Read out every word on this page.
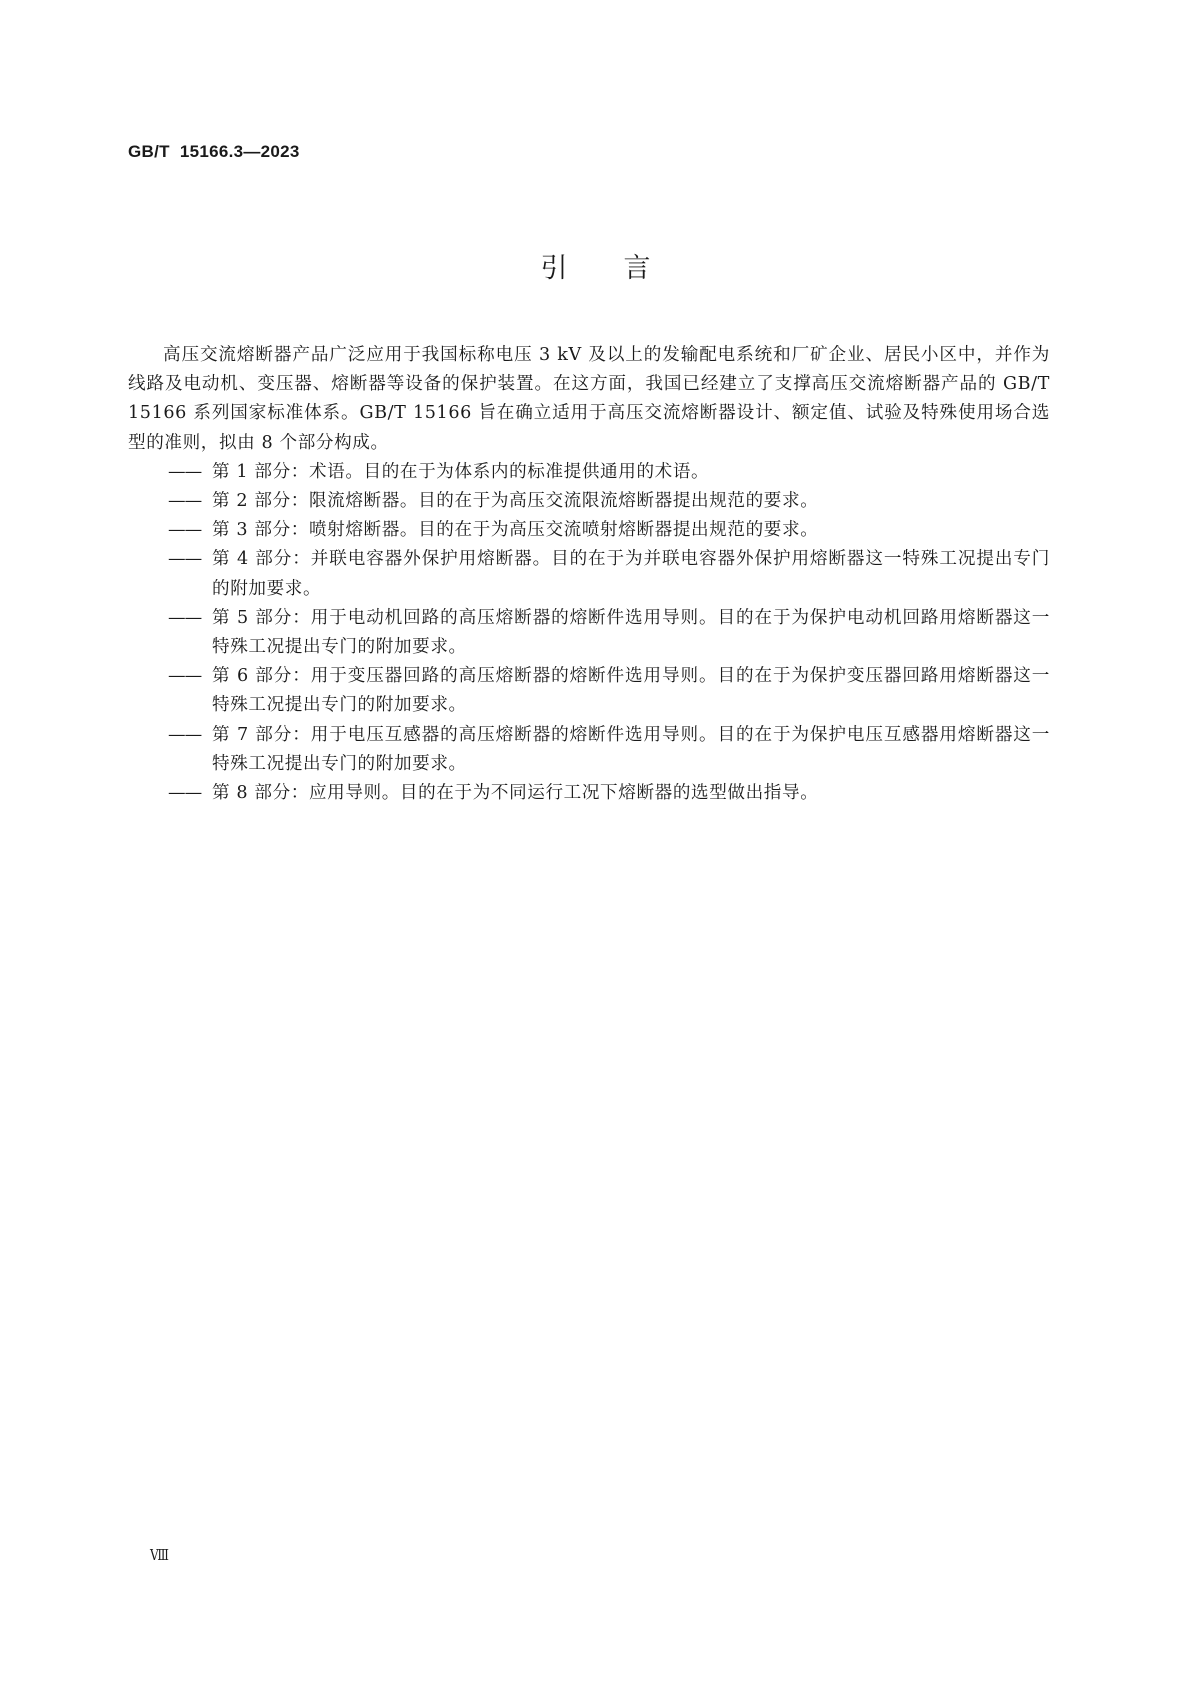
GB/T 15166.3—2023
引言

高压交流熔断器产品广泛应用于我国标称电压 3 kV 及以上的发输配电系统和厂矿企业、居民小区中，并作为线路及电动机、变压器、熔断器等设备的保护装置。在这方面，我国已经建立了支撑高压交流熔断器产品的 GB/T 15166 系列国家标准体系。GB/T 15166 旨在确立适用于高压交流熔断器设计、额定值、试验及特殊使用场合选型的准则，拟由 8 个部分构成。

—— 第 1 部分：术语。目的在于为体系内的标准提供通用的术语。

—— 第 2 部分：限流熔断器。目的在于为高压交流限流熔断器提出规范的要求。

—— 第 3 部分：喷射熔断器。目的在于为高压交流喷射熔断器提出规范的要求。

—— 第 4 部分：并联电容器外保护用熔断器。目的在于为并联电容器外保护用熔断器这一特殊工况提出专门的附加要求。

—— 第 5 部分：用于电动机回路的高压熔断器的熔断件选用导则。目的在于为保护电动机回路用熔断器这一特殊工况提出专门的附加要求。

—— 第 6 部分：用于变压器回路的高压熔断器的熔断件选用导则。目的在于为保护变压器回路用熔断器这一特殊工况提出专门的附加要求。

—— 第 7 部分：用于电压互感器的高压熔断器的熔断件选用导则。目的在于为保护电压互感器用熔断器这一特殊工况提出专门的附加要求。

—— 第 8 部分：应用导则。目的在于为不同运行工况下熔断器的选型做出指导。

Ⅷ
